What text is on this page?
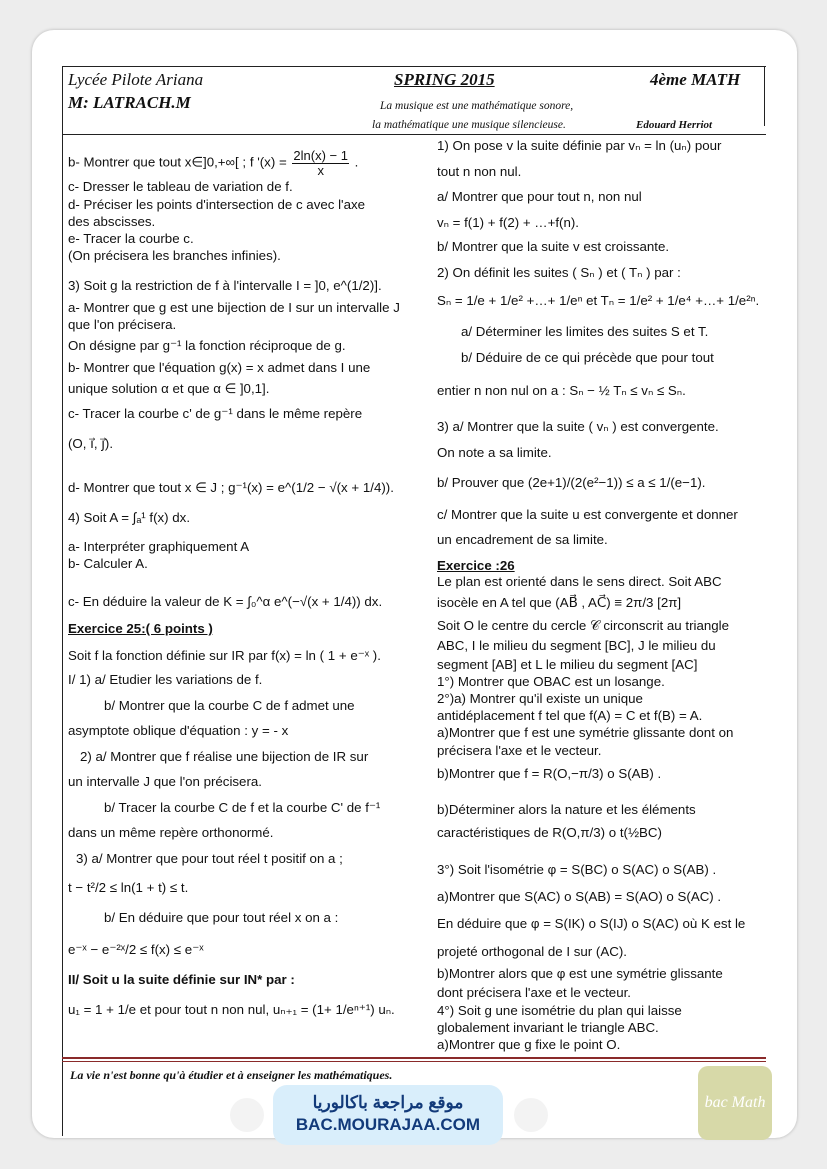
Lycée Pilote Ariana	SPRING 2015	4ème MATH
M: LATRACH.M	La musique est une mathématique sonore,
la mathématique une musique silencieuse.	Edouard Herriot
b- Montrer que tout x∈]0,+∞[ ; f '$(x) = \frac{2\ln(x) - 1}{x}$ .
c- Dresser le tableau de variation de f.
d- Préciser les points d'intersection de c avec l'axe
des abscisses.
e- Tracer la courbe c.
(On précisera les branches infinies).
3) Soit g la restriction de f à l'intervalle I = ]0, e^(1/2)].
a- Montrer que g est une bijection de I sur un intervalle J
que l'on précisera.
On désigne par g⁻¹ la fonction réciproque de g.
b- Montrer que l'équation g(x) = x admet dans I une
unique solution α et que α ∈ ]0,1].
c- Tracer la courbe c' de g⁻¹ dans le même repère
(O, i⃗, j⃗).
d- Montrer que tout x ∈ J ; g⁻¹(x) = e^(1/2 − √(x + 1/4)).
4) Soit A = ∫ₐ¹ f(x) dx.
a- Interpréter graphiquement A
b- Calculer A.
c- En déduire la valeur de K = ∫₀^α e^(−√(x + 1/4)) dx.
Exercice 25:( 6 points )
Soit f la fonction définie sur IR par f(x) = ln ( 1 + e⁻ˣ ).
I/ 1) a/ Etudier les variations de f.
b/ Montrer que la courbe C de f admet une
asymptote oblique d'équation : y = - x
2) a/ Montrer que f réalise une bijection de IR sur
un intervalle J que l'on précisera.
b/ Tracer la courbe C de f et la courbe C' de f⁻¹
dans un même repère orthonormé.
3) a/ Montrer que pour tout réel t positif on a ;
t − t²/2 ≤ ln(1 + t) ≤ t.
b/ En déduire que pour tout réel x on a :
e⁻ˣ − e⁻²ˣ/2 ≤ f(x) ≤ e⁻ˣ
II/ Soit u la suite définie sur IN* par :
u₁ = 1 + 1/e et pour tout n non nul, uₙ₊₁ = (1+ 1/eⁿ⁺¹) uₙ.
1) On pose v la suite définie par vₙ = ln (uₙ) pour
tout n non nul.
a/ Montrer que pour tout n, non nul
vₙ = f(1) + f(2) + …+f(n).
b/ Montrer que la suite v est croissante.
2) On définit les suites ( Sₙ ) et ( Tₙ ) par :
Sₙ = 1/e + 1/e² +…+ 1/eⁿ et Tₙ = 1/e² + 1/e⁴ +…+ 1/e²ⁿ.
a/ Déterminer les limites des suites S et T.
b/ Déduire de ce qui précède que pour tout
entier n non nul on a : Sₙ − ½ Tₙ ≤ vₙ ≤ Sₙ.
3) a/ Montrer que la suite ( vₙ ) est convergente.
On note a sa limite.
b/ Prouver que (2e+1)/(2(e²−1)) ≤ a ≤ 1/(e−1).
c/ Montrer que la suite u est convergente et donner
un encadrement de sa limite.
Exercice :26
Le plan est orienté dans le sens direct. Soit ABC
isocèle en A tel que (AB⃗ , AC⃗) ≡ 2π/3 [2π]
Soit O le centre du cercle 𝒞 circonscrit au triangle
ABC, I le milieu du segment [BC], J le milieu du
segment [AB] et L le milieu du segment [AC]
1°) Montrer que OBAC est un losange.
2°)a) Montrer qu'il existe un unique
antidéplacement f tel que f(A) = C et f(B) = A.
a)Montrer que f est une symétrie glissante dont on
précisera l'axe et le vecteur.
b)Montrer que f = R(O,−π/3) o S(AB) .
b)Déterminer alors la nature et les éléments
caractéristiques de R(O,π/3) o t(½BC)
3°) Soit l'isométrie φ = S(BC) o S(AC) o S(AB) .
a)Montrer que S(AC) o S(AB) = S(AO) o S(AC) .
En déduire que φ = S(IK) o S(IJ) o S(AC) où K est le
projeté orthogonal de I sur (AC).
b)Montrer alors que φ est une symétrie glissante
dont précisera l'axe et le vecteur.
4°) Soit g une isométrie du plan qui laisse
globalement invariant le triangle ABC.
a)Montrer que g fixe le point O.
La vie n'est bonne qu'à étudier et à enseigner les mathématiques.
موقع مراجعة باكالوريا
BAC.MOURAJAA.COM
bac Math
